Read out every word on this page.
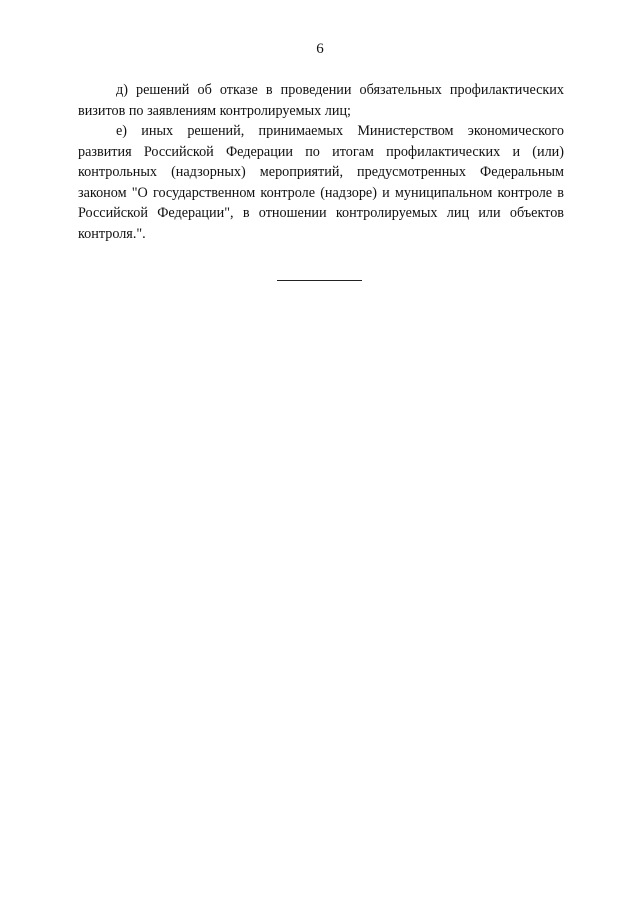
6

д) решений об отказе в проведении обязательных профилактических визитов по заявлениям контролируемых лиц;

е) иных решений, принимаемых Министерством экономического развития Российской Федерации по итогам профилактических и (или) контрольных (надзорных) мероприятий, предусмотренных Федеральным законом "О государственном контроле (надзоре) и муниципальном контроле в Российской Федерации", в отношении контролируемых лиц или объектов контроля.".
